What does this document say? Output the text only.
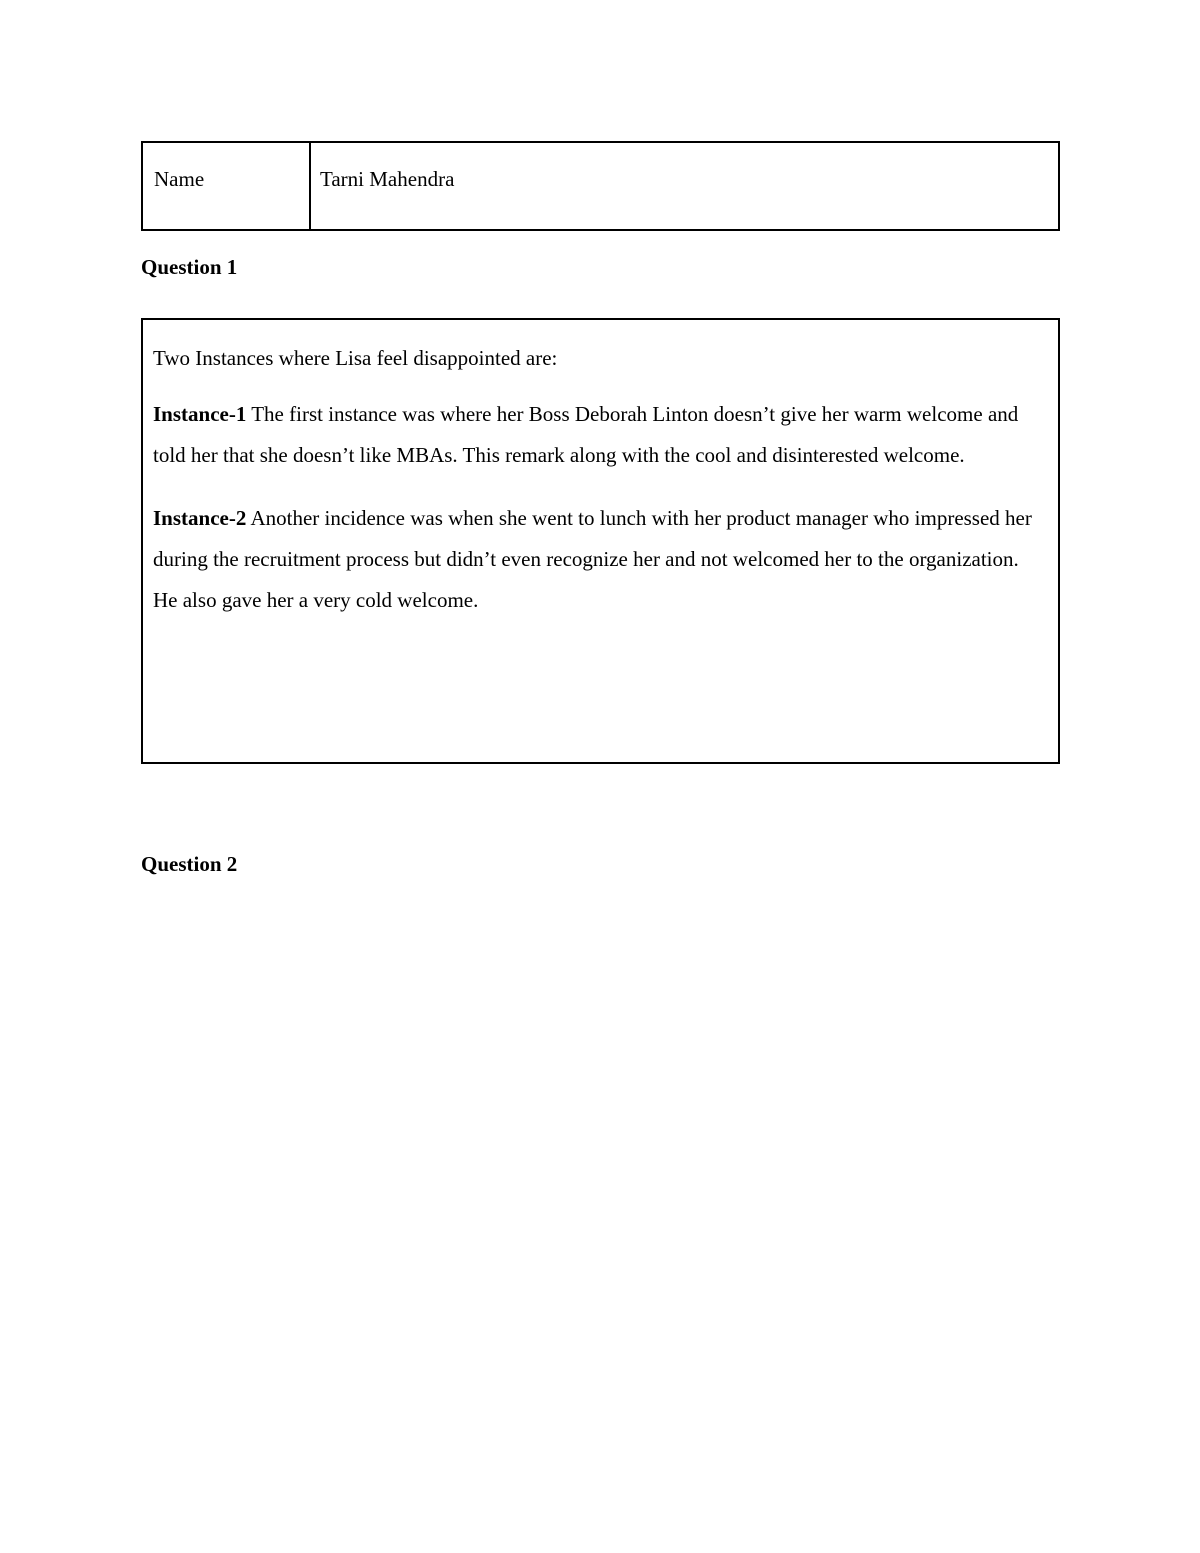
Name	Tarni Mahendra
Question 1

Two Instances where Lisa feel disappointed are:

Instance-1 The first instance was where her Boss Deborah Linton doesn’t give her warm welcome and told her that she doesn’t like MBAs. This remark along with the cool and disinterested welcome.

Instance-2 Another incidence was when she went to lunch with her product manager who impressed her during the recruitment process but didn’t even recognize her and not welcomed her to the organization. He also gave her a very cold welcome.

Question 2
